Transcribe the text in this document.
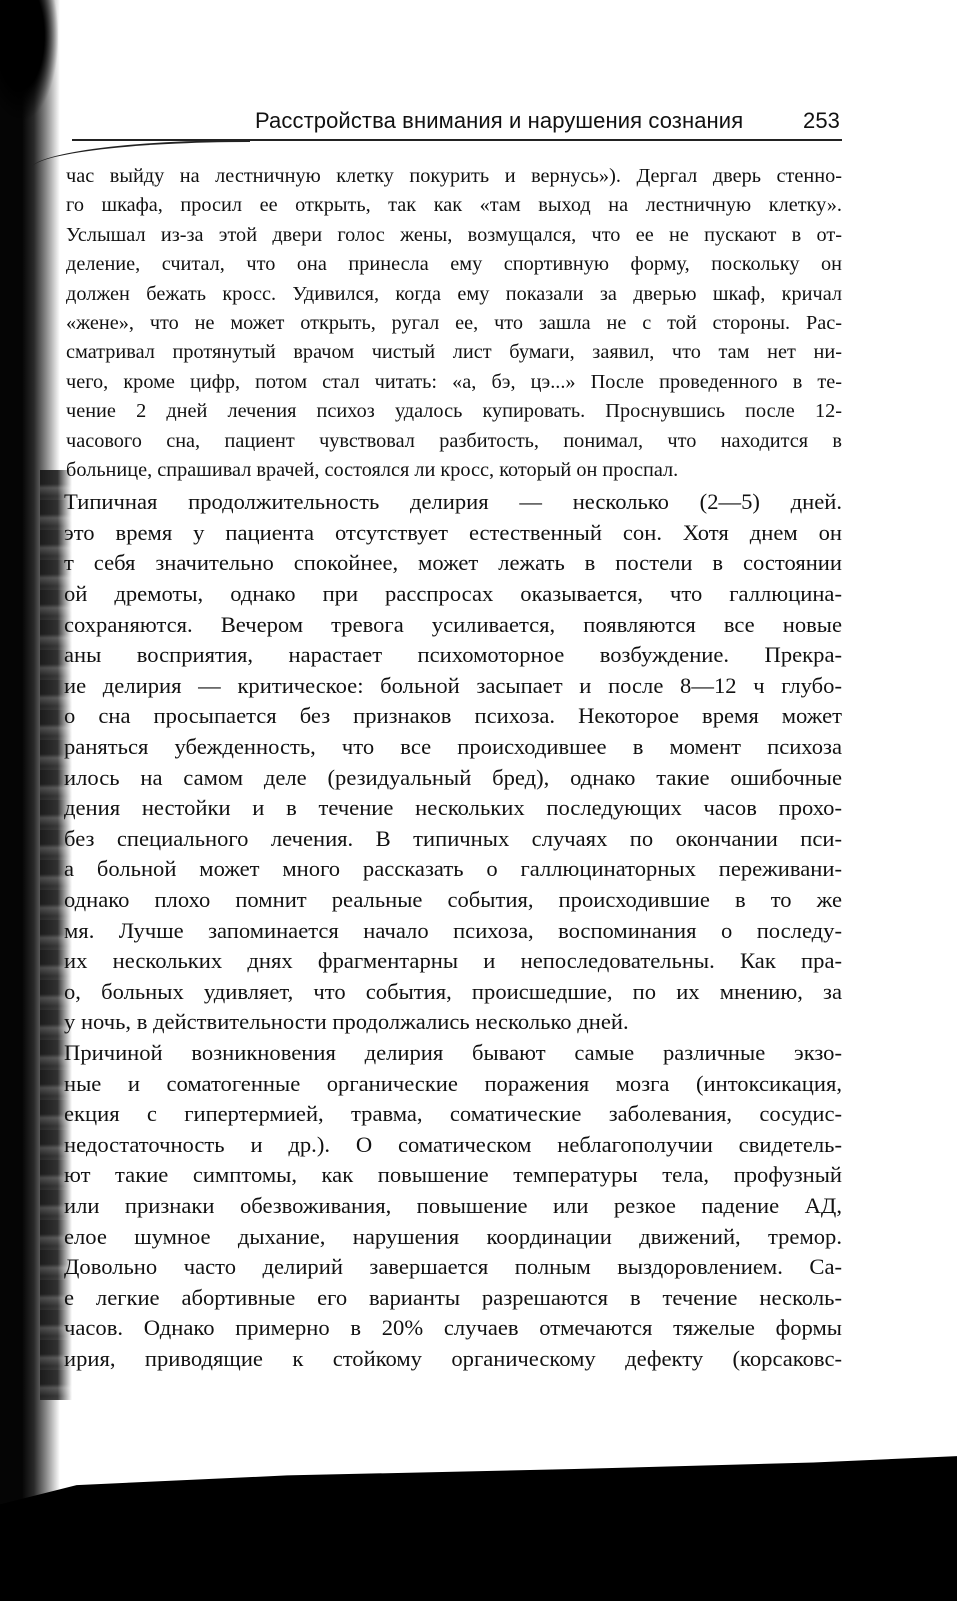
Расстройства внимания и нарушения сознания	253
час выйду на лестничную клетку покурить и вернусь»). Дергал дверь стенно-
го шкафа, просил ее открыть, так как «там выход на лестничную клетку».
Услышал из-за этой двери голос жены, возмущался, что ее не пускают в от-
деление, считал, что она принесла ему спортивную форму, поскольку он
должен бежать кросс. Удивился, когда ему показали за дверью шкаф, кричал
«жене», что не может открыть, ругал ее, что зашла не с той стороны. Рас-
сматривал протянутый врачом чистый лист бумаги, заявил, что там нет ни-
чего, кроме цифр, потом стал читать: «а, бэ, цэ...» После проведенного в те-
чение 2 дней лечения психоз удалось купировать. Проснувшись после 12-
часового сна, пациент чувствовал разбитость, понимал, что находится в
больнице, спрашивал врачей, состоялся ли кросс, который он проспал.
Типичная продолжительность делирия — несколько (2—5) дней.
это время у пациента отсутствует естественный сон. Хотя днем он
т себя значительно спокойнее, может лежать в постели в состоянии
ой дремоты, однако при расспросах оказывается, что галлюцина-
сохраняются. Вечером тревога усиливается, появляются все новые
аны восприятия, нарастает психомоторное возбуждение. Прекра-
ие делирия — критическое: больной засыпает и после 8—12 ч глубо-
о сна просыпается без признаков психоза. Некоторое время может
раняться убежденность, что все происходившее в момент психоза
илось на самом деле (резидуальный бред), однако такие ошибочные
дения нестойки и в течение нескольких последующих часов прохо-
без специального лечения. В типичных случаях по окончании пси-
а больной может много рассказать о галлюцинаторных переживани-
однако плохо помнит реальные события, происходившие в то же
мя. Лучше запоминается начало психоза, воспоминания о последу-
их нескольких днях фрагментарны и непоследовательны. Как пра-
о, больных удивляет, что события, происшедшие, по их мнению, за
у ночь, в действительности продолжались несколько дней.
Причиной возникновения делирия бывают самые различные экзо-
ные и соматогенные органические поражения мозга (интоксикация,
екция с гипертермией, травма, соматические заболевания, сосудис-
недостаточность и др.). О соматическом неблагополучии свидетель-
ют такие симптомы, как повышение температуры тела, профузный
или признаки обезвоживания, повышение или резкое падение АД,
елое шумное дыхание, нарушения координации движений, тремор.
Довольно часто делирий завершается полным выздоровлением. Са-
е легкие абортивные его варианты разрешаются в течение несколь-
часов. Однако примерно в 20% случаев отмечаются тяжелые формы
ирия, приводящие к стойкому органическому дефекту (корсаковс-
